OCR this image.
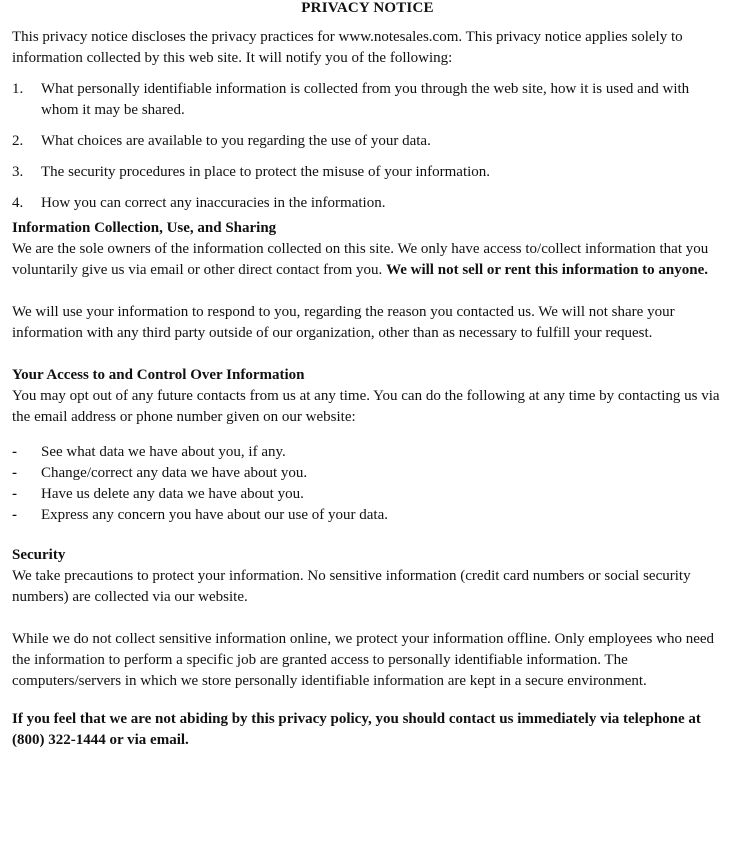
PRIVACY NOTICE

This privacy notice discloses the privacy practices for www.notesales.com. This privacy notice applies solely to information collected by this web site. It will notify you of the following:

1.	What personally identifiable information is collected from you through the web site, how it is used and with whom it may be shared.
2.	What choices are available to you regarding the use of your data.
3.	The security procedures in place to protect the misuse of your information.
4.	How you can correct any inaccuracies in the information.
Information Collection, Use, and Sharing

We are the sole owners of the information collected on this site. We only have access to/collect information that you voluntarily give us via email or other direct contact from you. We will not sell or rent this information to anyone.

We will use your information to respond to you, regarding the reason you contacted us. We will not share your information with any third party outside of our organization, other than as necessary to fulfill your request.

Your Access to and Control Over Information

You may opt out of any future contacts from us at any time. You can do the following at any time by contacting us via the email address or phone number given on our website:

-	See what data we have about you, if any.
-	Change/correct any data we have about you.
-	Have us delete any data we have about you.
-	Express any concern you have about our use of your data.
Security

We take precautions to protect your information. No sensitive information (credit card numbers or social security numbers) are collected via our website.

While we do not collect sensitive information online, we protect your information offline. Only employees who need the information to perform a specific job are granted access to personally identifiable information. The computers/servers in which we store personally identifiable information are kept in a secure environment.

If you feel that we are not abiding by this privacy policy, you should contact us immediately via telephone at (800) 322-1444 or via email.
